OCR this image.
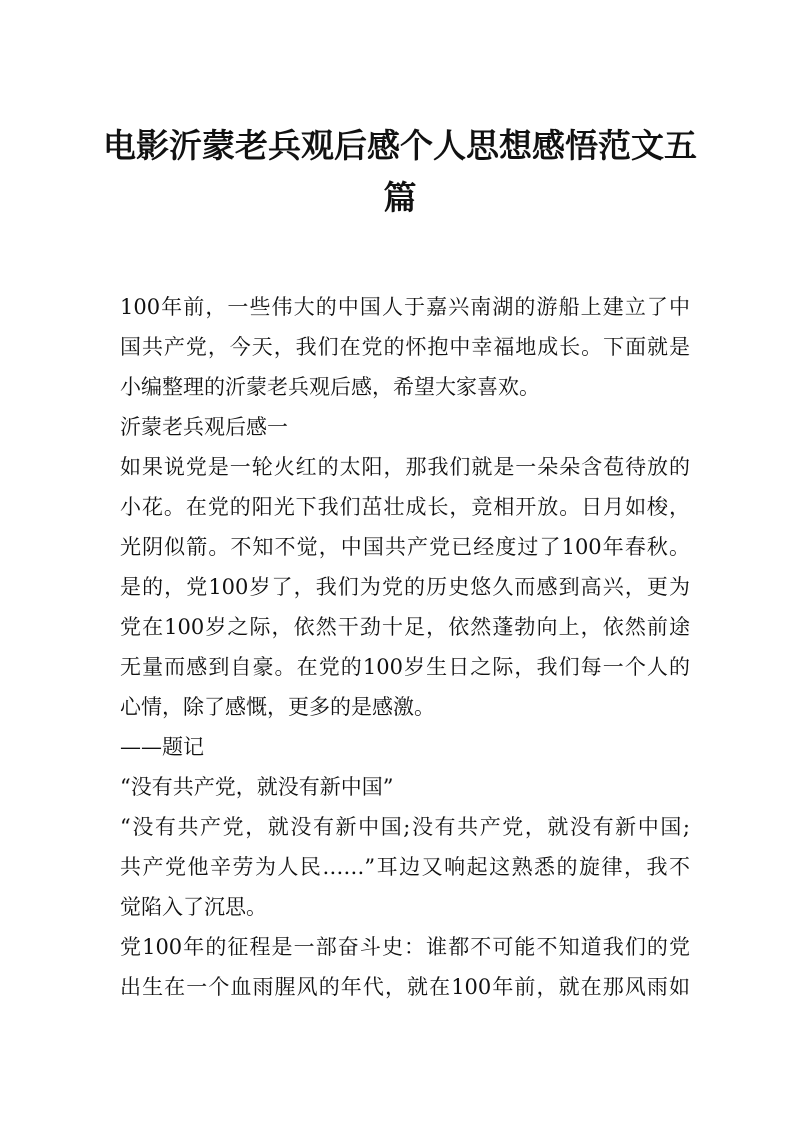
电影沂蒙老兵观后感个人思想感悟范文五篇
100年前，一些伟大的中国人于嘉兴南湖的游船上建立了中
国共产党，今天，我们在党的怀抱中幸福地成长。下面就是
小编整理的沂蒙老兵观后感，希望大家喜欢。
沂蒙老兵观后感一
如果说党是一轮火红的太阳，那我们就是一朵朵含苞待放的
小花。在党的阳光下我们茁壮成长，竞相开放。日月如梭，
光阴似箭。不知不觉，中国共产党已经度过了100年春秋。
是的，党100岁了，我们为党的历史悠久而感到高兴，更为
党在100岁之际，依然干劲十足，依然蓬勃向上，依然前途
无量而感到自豪。在党的100岁生日之际，我们每一个人的
心情，除了感慨，更多的是感激。
——题记
“没有共产党，就没有新中国”
“没有共产党，就没有新中国;没有共产党，就没有新中国;
共产党他辛劳为人民……”耳边又响起这熟悉的旋律，我不
觉陷入了沉思。
党100年的征程是一部奋斗史：谁都不可能不知道我们的党
出生在一个血雨腥风的年代，就在100年前，就在那风雨如
